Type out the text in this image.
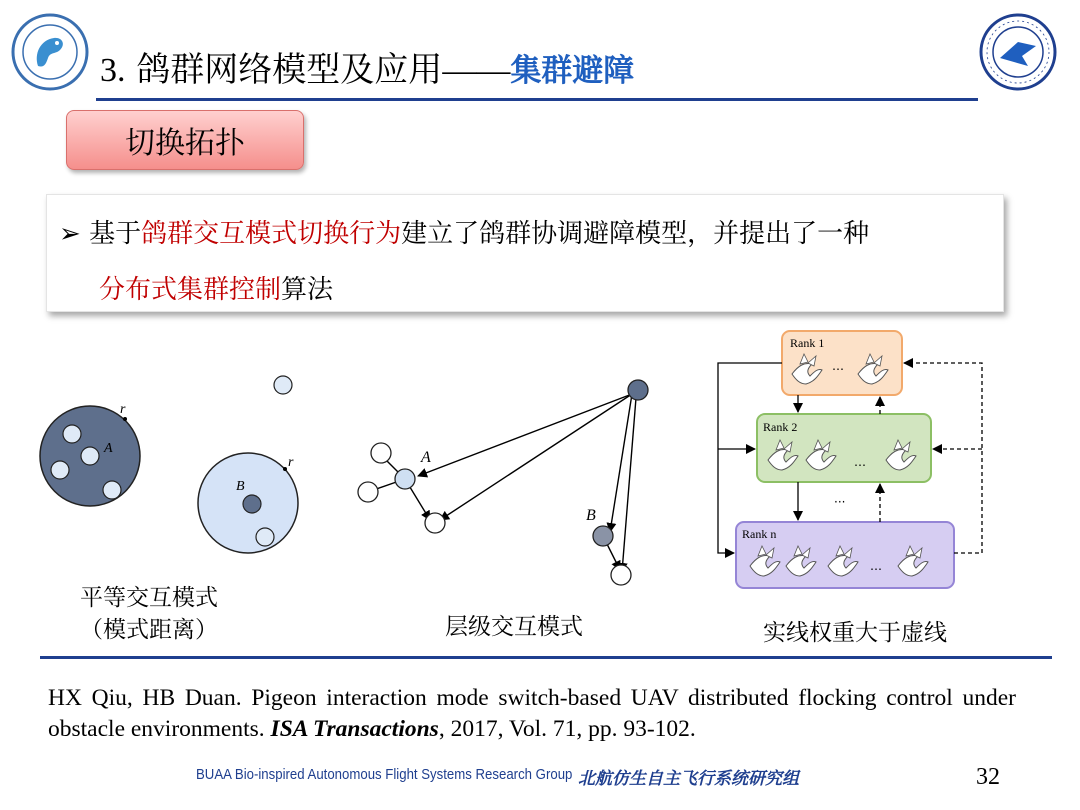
3. 鸽群网络模型及应用——集群避障
切换拓扑
➢ 基于鸽群交互模式切换行为建立了鸽群协调避障模型，并提出了一种
分布式集群控制算法
r
A
r
B
A
B
Rank 1
Rank 2
Rank n
…
…
…
···
平等交互模式
（模式距离）	层级交互模式	实线权重大于虚线
HX Qiu, HB Duan. Pigeon interaction mode switch-based UAV distributed flocking control under obstacle environments. ISA Transactions, 2017, Vol. 71, pp. 93-102.
BUAA Bio-inspired Autonomous Flight Systems Research Group 北航仿生自主飞行系统研究组	32
